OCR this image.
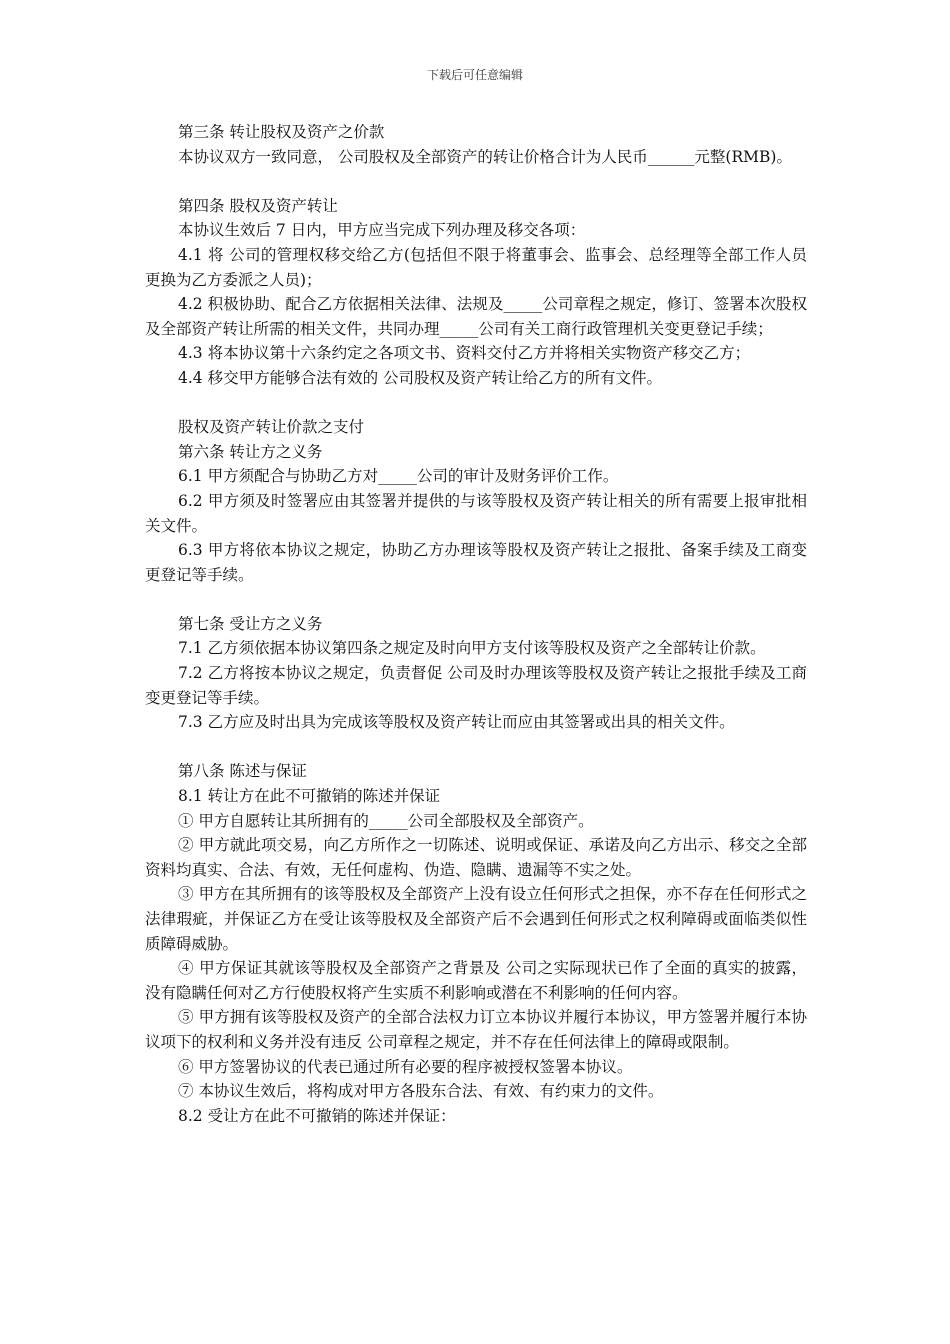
下载后可任意编辑

第三条 转让股权及资产之价款

本协议双方一致同意， 公司股权及全部资产的转让价格合计为人民币______元整(RMB)。

第四条 股权及资产转让

本协议生效后 7 日内，甲方应当完成下列办理及移交各项：

4.1 将 公司的管理权移交给乙方(包括但不限于将董事会、监事会、总经理等全部工作人员更换为乙方委派之人员)；

4.2 积极协助、配合乙方依据相关法律、法规及_____公司章程之规定，修订、签署本次股权及全部资产转让所需的相关文件，共同办理_____公司有关工商行政管理机关变更登记手续；

4.3 将本协议第十六条约定之各项文书、资料交付乙方并将相关实物资产移交乙方；

4.4 移交甲方能够合法有效的 公司股权及资产转让给乙方的所有文件。

股权及资产转让价款之支付

第六条 转让方之义务

6.1 甲方须配合与协助乙方对_____公司的审计及财务评价工作。

6.2 甲方须及时签署应由其签署并提供的与该等股权及资产转让相关的所有需要上报审批相关文件。

6.3 甲方将依本协议之规定，协助乙方办理该等股权及资产转让之报批、备案手续及工商变更登记等手续。

第七条 受让方之义务

7.1 乙方须依据本协议第四条之规定及时向甲方支付该等股权及资产之全部转让价款。

7.2 乙方将按本协议之规定，负责督促 公司及时办理该等股权及资产转让之报批手续及工商变更登记等手续。

7.3 乙方应及时出具为完成该等股权及资产转让而应由其签署或出具的相关文件。

第八条 陈述与保证

8.1 转让方在此不可撤销的陈述并保证

① 甲方自愿转让其所拥有的_____公司全部股权及全部资产。

② 甲方就此项交易，向乙方所作之一切陈述、说明或保证、承诺及向乙方出示、移交之全部资料均真实、合法、有效，无任何虚构、伪造、隐瞒、遗漏等不实之处。

③ 甲方在其所拥有的该等股权及全部资产上没有设立任何形式之担保，亦不存在任何形式之法律瑕疵，并保证乙方在受让该等股权及全部资产后不会遇到任何形式之权利障碍或面临类似性质障碍威胁。

④ 甲方保证其就该等股权及全部资产之背景及 公司之实际现状已作了全面的真实的披露，没有隐瞒任何对乙方行使股权将产生实质不利影响或潜在不利影响的任何内容。

⑤ 甲方拥有该等股权及资产的全部合法权力订立本协议并履行本协议，甲方签署并履行本协议项下的权利和义务并没有违反 公司章程之规定，并不存在任何法律上的障碍或限制。

⑥ 甲方签署协议的代表已通过所有必要的程序被授权签署本协议。

⑦ 本协议生效后，将构成对甲方各股东合法、有效、有约束力的文件。

8.2 受让方在此不可撤销的陈述并保证：
